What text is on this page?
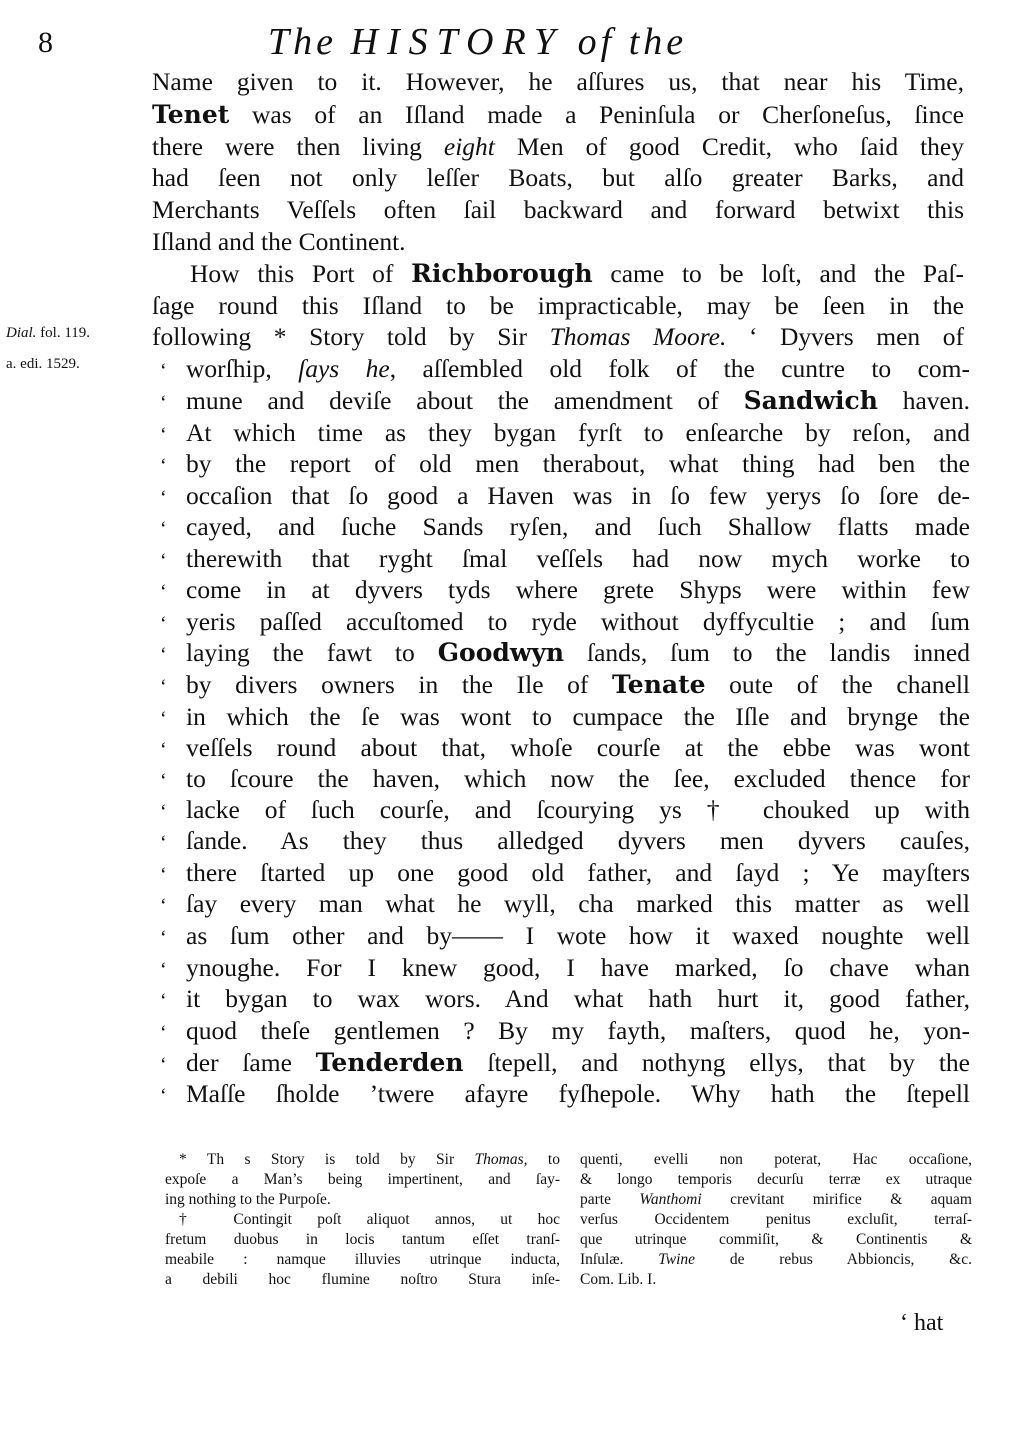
8	The HISTORY of the
Dial. fol. 119.
a. edi. 1529.
Name given to it. However, he aſſures us, that near his Time,
Tenet was of an Iſland made a Peninſula or Cherſoneſus, ſince
there were then living eight Men of good Credit, who ſaid they
had ſeen not only leſſer Boats, but alſo greater Barks, and
Merchants Veſſels often ſail backward and forward betwixt this
Iſland and the Continent.
How this Port of Richborough came to be loſt, and the Paſ-
ſage round this Iſland to be impracticable, may be ſeen in the
following * Story told by Sir Thomas Moore. ‘ Dyvers men of
‘ worſhip, ſays he, aſſembled old folk of the cuntre to com-
‘ mune and deviſe about the amendment of Sandwich haven.
‘ At which time as they bygan fyrſt to enſearche by reſon, and
‘ by the report of old men therabout, what thing had ben the
‘ occaſion that ſo good a Haven was in ſo few yerys ſo ſore de-
‘ cayed, and ſuche Sands ryſen, and ſuch Shallow flatts made
‘ therewith that ryght ſmal veſſels had now mych worke to
‘ come in at dyvers tyds where grete Shyps were within few
‘ yeris paſſed accuſtomed to ryde without dyffycultie ; and ſum
‘ laying the fawt to Goodwyn ſands, ſum to the landis inned
‘ by divers owners in the Ile of Tenate oute of the chanell
‘ in which the ſe was wont to cumpace the Iſle and brynge the
‘ veſſels round about that, whoſe courſe at the ebbe was wont
‘ to ſcoure the haven, which now the ſee, excluded thence for
‘ lacke of ſuch courſe, and ſcourying ys † chouked up with
‘ ſande. As they thus alledged dyvers men dyvers cauſes,
‘ there ſtarted up one good old father, and ſayd ; Ye mayſters
‘ ſay every man what he wyll, cha marked this matter as well
‘ as ſum other and by—— I wote how it waxed noughte well
‘ ynoughe. For I knew good, I have marked, ſo chave whan
‘ it bygan to wax wors. And what hath hurt it, good father,
‘ quod theſe gentlemen ? By my fayth, maſters, quod he, yon-
‘ der ſame Tenderden ſtepell, and nothyng ellys, that by the
‘ Maſſe ſholde ’twere afayre fyſhepole. Why hath the ſtepell
* Th s Story is told by Sir Thomas, to
expoſe a Man’s being impertinent, and ſay-
ing nothing to the Purpoſe.
† Contingit poſt aliquot annos, ut hoc
fretum duobus in locis tantum eſſet tranſ-
meabile : namque illuvies utrinque inducta,
a debili hoc flumine noſtro Stura inſe-
quenti, evelli non poterat, Hac occaſione,
& longo temporis decurſu terræ ex utraque
parte Wanthomi crevitant mirifice & aquam
verſus Occidentem penitus excluſit, terraſ-
que utrinque commiſit, & Continentis &
Inſulæ. Twine de rebus Abbioncis, &c.
Com. Lib. I.
‘ hat
